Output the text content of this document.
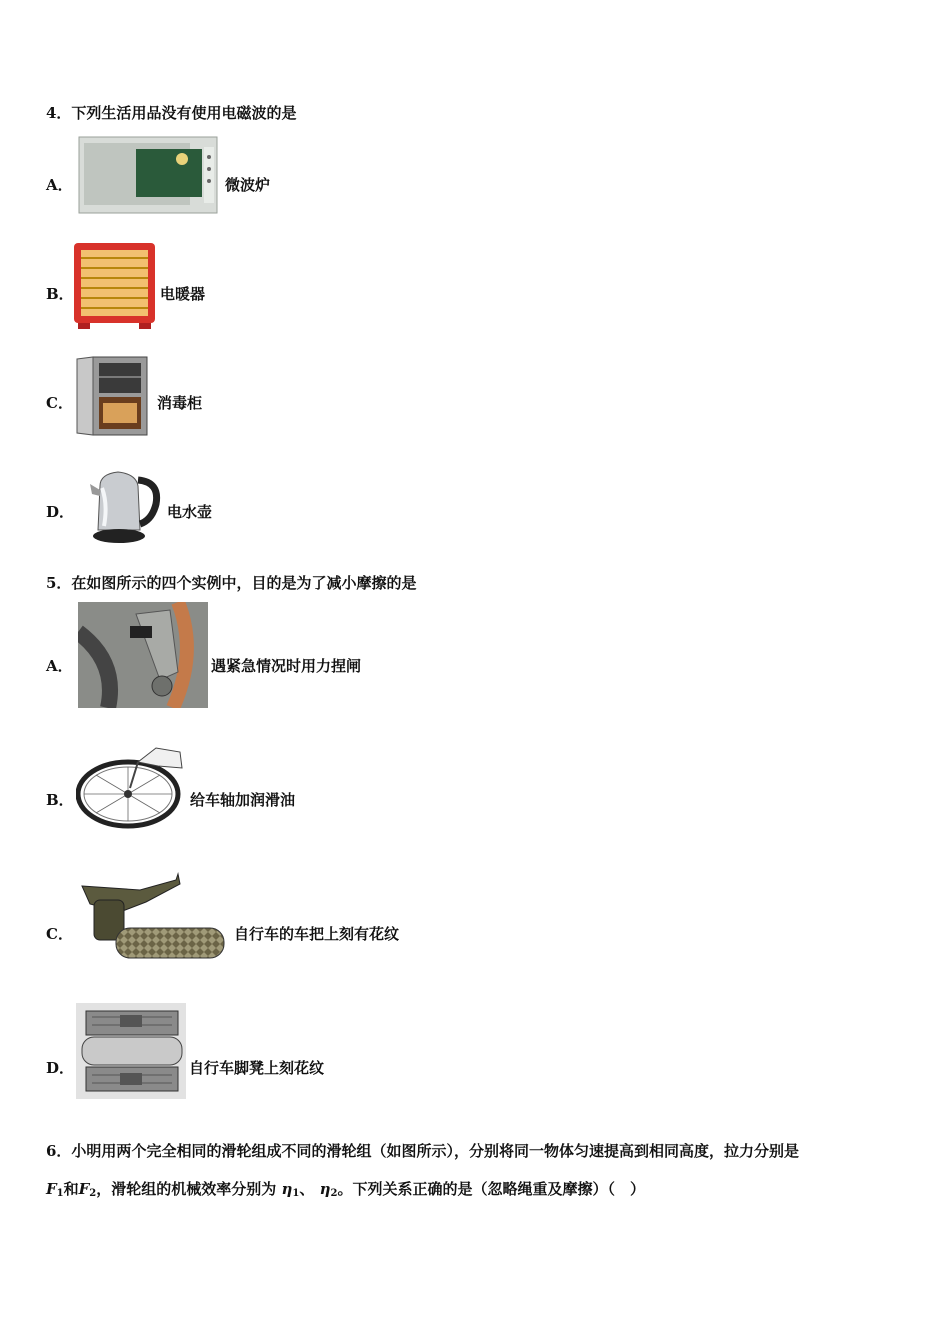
4．下列生活用品没有使用电磁波的是
A．	微波炉
B．	电暖器
C．	消毒柜
D．	电水壶
5．在如图所示的四个实例中，目的是为了减小摩擦的是
A．	遇紧急情况时用力捏闸
B．	给车轴加润滑油
C．	自行车的车把上刻有花纹
D．	自行车脚凳上刻花纹
6．小明用两个完全相同的滑轮组成不同的滑轮组（如图所示），分别将同一物体匀速提高到相同高度，拉力分别是
$F_1$和$F_2$，滑轮组的机械效率分别为 $\eta_1$、 $\eta_2$。下列关系正确的是（忽略绳重及摩擦）（　）
